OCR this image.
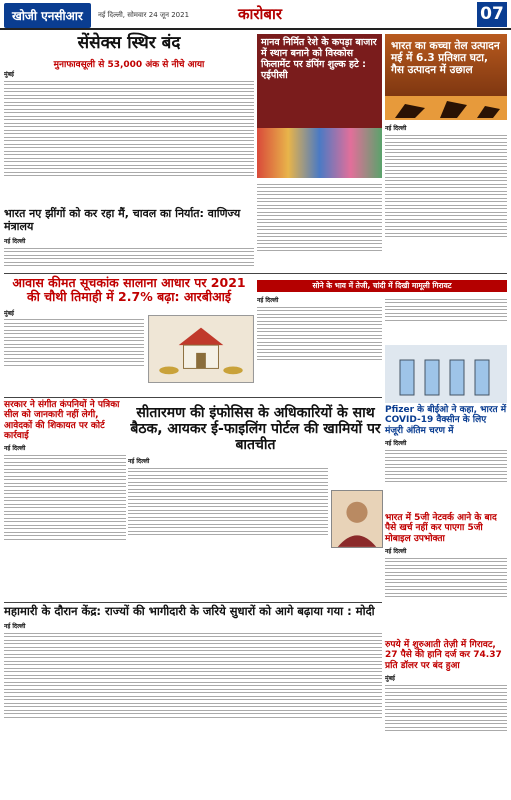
खोजी एनसीआर	नई दिल्ली, सोमवार 24 जून 2021	कारोबार	07
सेंसेक्स स्थिर बंद
मुनाफावसूली से 53,000 अंक से नीचे आया
मुंबई
मानव निर्मित रेशे के कपड़ा बाजार में स्थान बनाने को विस्कोस फिलामेंट पर डंपिंग शुल्क हटे : एईपीसी
भारत का कच्चा तेल उत्पादन मई में 6.3 प्रतिशत घटा, गैस उत्पादन में उछाल
नई दिल्ली
भारत नए झींगों को कर रहा मैं, चावल का निर्यात: वाणिज्य मंत्रालय
नई दिल्ली
आवास कीमत सूचकांक सालाना आधार पर 2021 की चौथी तिमाही में 2.7% बढ़ा: आरबीआई
मुंबई
सोने के भाव में तेजी, चांदी में दिखी मामूली गिरावट
नई दिल्ली
Pfizer के बीईओ ने कहा, भारत में COVID-19 वैक्सीन के लिए मंजूरी अंतिम चरण में
नई दिल्ली
सरकार ने संगीत कंपनियों ने पत्रिका सील को जानकारी नहीं लेगी, आवेदकों की शिकायत पर कोर्ट कार्रवाई
नई दिल्ली
सीतारमण की इंफोसिस के अधिकारियों के साथ बैठक, आयकर ई-फाइलिंग पोर्टल की खामियों पर बातचीत
नई दिल्ली
भारत में 5जी नेटवर्क आने के बाद पैसे खर्च नहीं कर पाएगा 5जी मोबाइल उपभोक्ता
नई दिल्ली
रुपये में शुरुआती तेज़ी में गिरावट, 27 पैसे की हानि दर्ज कर 74.37 प्रति डॉलर पर बंद हुआ
मुंबई
महामारी के दौरान केंद्र: राज्यों की भागीदारी के जरिये सुधारों को आगे बढ़ाया गया : मोदी
नई दिल्ली
